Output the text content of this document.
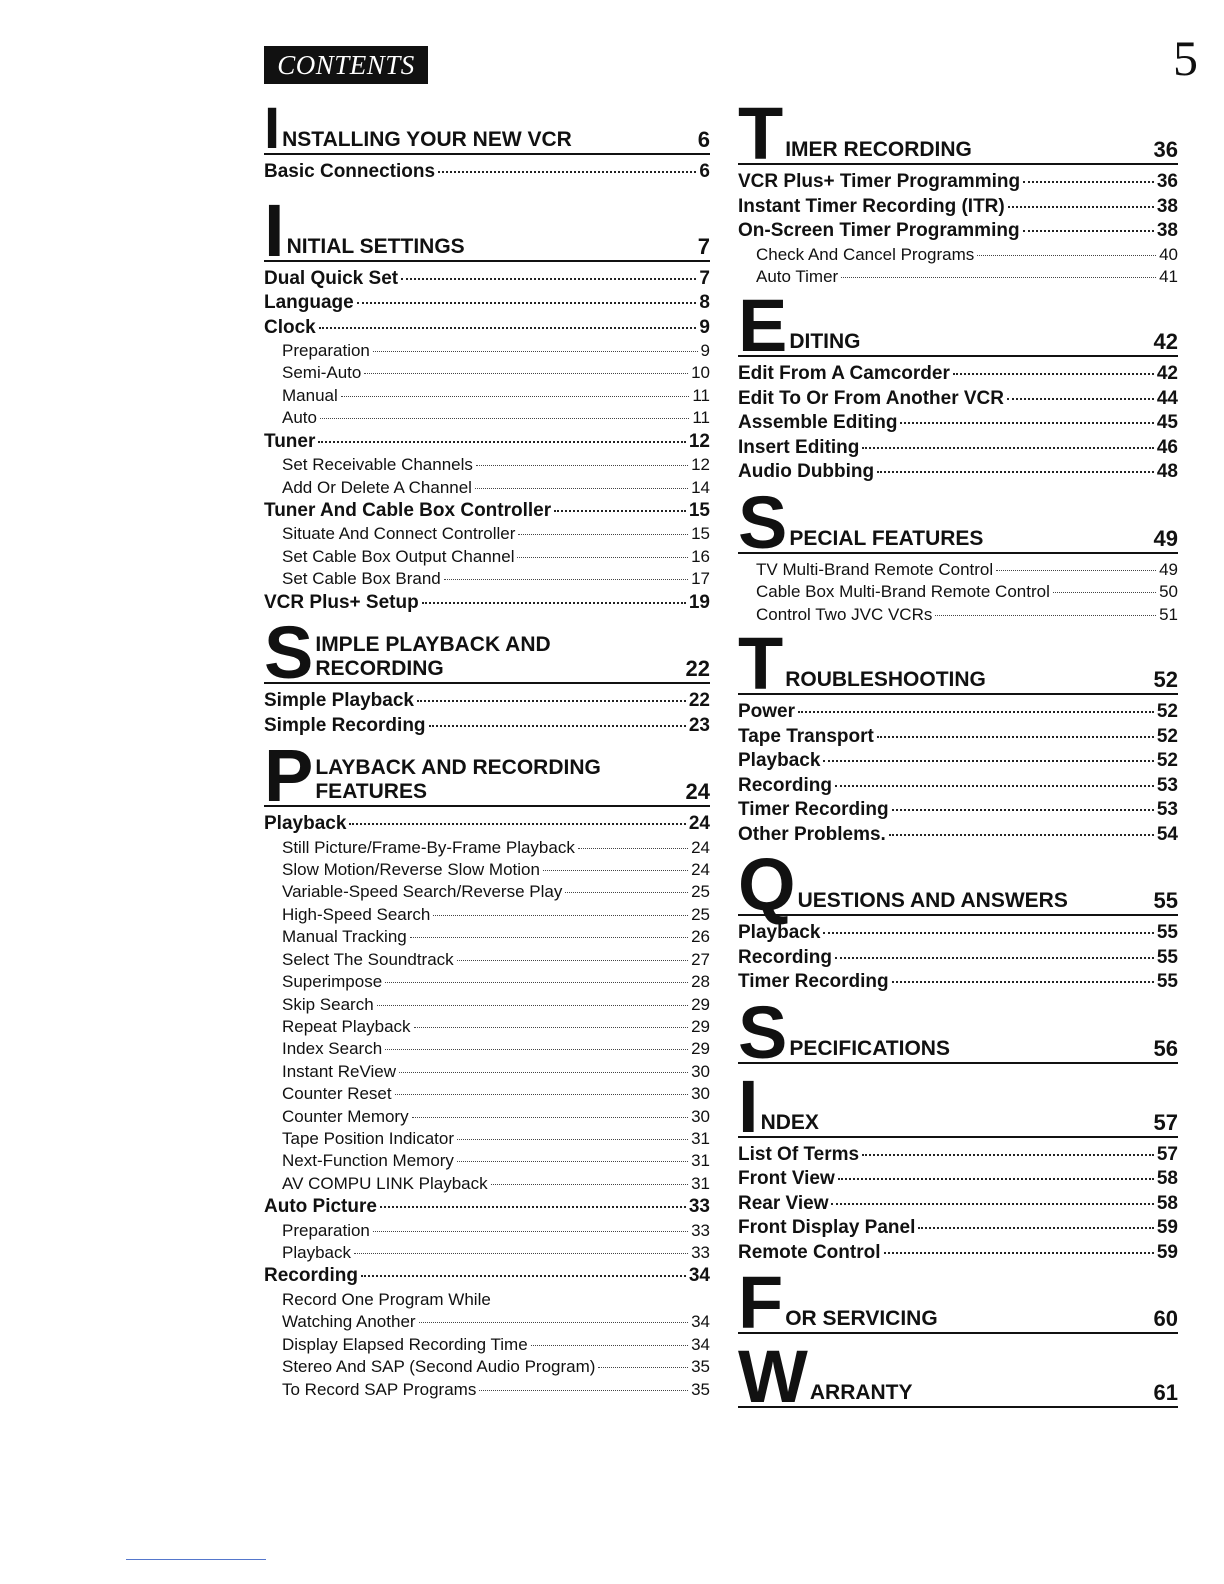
CONTENTS	5
I NSTALLING YOUR NEW VCR	6
Basic Connections	6
I NITIAL SETTINGS	7
Dual Quick Set	7
Language	8
Clock	9
Preparation	9
Semi-Auto	10
Manual	11
Auto	11
Tuner	12
Set Receivable Channels	12
Add Or Delete A Channel	14
Tuner And Cable Box Controller	15
Situate And Connect Controller	15
Set Cable Box Output Channel	16
Set Cable Box Brand	17
VCR Plus+ Setup	19
S IMPLE PLAYBACK AND
RECORDING	22
Simple Playback	22
Simple Recording	23
P LAYBACK AND RECORDING
FEATURES	24
Playback	24
Still Picture/Frame-By-Frame Playback	24
Slow Motion/Reverse Slow Motion	24
Variable-Speed Search/Reverse Play	25
High-Speed Search	25
Manual Tracking	26
Select The Soundtrack	27
Superimpose	28
Skip Search	29
Repeat Playback	29
Index Search	29
Instant ReView	30
Counter Reset	30
Counter Memory	30
Tape Position Indicator	31
Next-Function Memory	31
AV COMPU LINK Playback	31
Auto Picture	33
Preparation	33
Playback	33
Recording	34
Record One Program While
Watching Another	34
Display Elapsed Recording Time	34
Stereo And SAP (Second Audio Program)	35
To Record SAP Programs	35
T IMER RECORDING	36
VCR Plus+ Timer Programming	36
Instant Timer Recording (ITR)	38
On-Screen Timer Programming	38
Check And Cancel Programs	40
Auto Timer	41
E DITING	42
Edit From A Camcorder	42
Edit To Or From Another VCR	44
Assemble Editing	45
Insert Editing	46
Audio Dubbing	48
S PECIAL FEATURES	49
TV Multi-Brand Remote Control	49
Cable Box Multi-Brand Remote Control	50
Control Two JVC VCRs	51
T ROUBLESHOOTING	52
Power	52
Tape Transport	52
Playback	52
Recording	53
Timer Recording	53
Other Problems.	54
Q UESTIONS AND ANSWERS	55
Playback	55
Recording	55
Timer Recording	55
S PECIFICATIONS	56
I NDEX	57
List Of Terms	57
Front View	58
Rear View	58
Front Display Panel	59
Remote Control	59
F OR SERVICING	60
W ARRANTY	61
